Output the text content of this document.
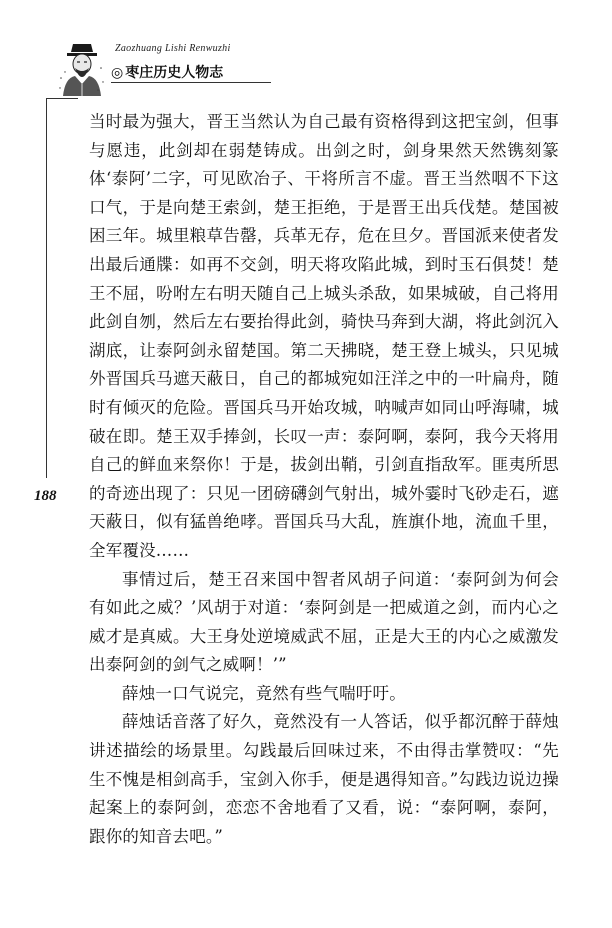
Zaozhuang Lishi Renwuzhi
◎ 枣庄历史人物志
188

当时最为强大，晋王当然认为自己最有资格得到这把宝剑，但事与愿违，此剑却在弱楚铸成。出剑之时，剑身果然天然镌刻篆体‘泰阿’二字，可见欧冶子、干将所言不虚。晋王当然咽不下这口气，于是向楚王索剑，楚王拒绝，于是晋王出兵伐楚。楚国被困三年。城里粮草告罄，兵革无存，危在旦夕。晋国派来使者发出最后通牒：如再不交剑，明天将攻陷此城，到时玉石俱焚！楚王不屈，吩咐左右明天随自己上城头杀敌，如果城破，自己将用此剑自刎，然后左右要抬得此剑，骑快马奔到大湖，将此剑沉入湖底，让泰阿剑永留楚国。第二天拂晓，楚王登上城头，只见城外晋国兵马遮天蔽日，自己的都城宛如汪洋之中的一叶扁舟，随时有倾灭的危险。晋国兵马开始攻城，呐喊声如同山呼海啸，城破在即。楚王双手捧剑，长叹一声：泰阿啊，泰阿，我今天将用自己的鲜血来祭你！于是，拔剑出鞘，引剑直指敌军。匪夷所思的奇迹出现了：只见一团磅礴剑气射出，城外霎时飞砂走石，遮天蔽日，似有猛兽绝哮。晋国兵马大乱，旌旗仆地，流血千里，全军覆没……

事情过后，楚王召来国中智者风胡子问道：‘泰阿剑为何会有如此之威？’风胡于对道：‘泰阿剑是一把威道之剑，而内心之威才是真威。大王身处逆境威武不屈，正是大王的内心之威激发出泰阿剑的剑气之威啊！’”

薛烛一口气说完，竟然有些气喘吁吁。

薛烛话音落了好久，竟然没有一人答话，似乎都沉醉于薛烛讲述描绘的场景里。勾践最后回味过来，不由得击掌赞叹：“先生不愧是相剑高手，宝剑入你手，便是遇得知音。”勾践边说边操起案上的泰阿剑，恋恋不舍地看了又看，说：“泰阿啊，泰阿，跟你的知音去吧。”
